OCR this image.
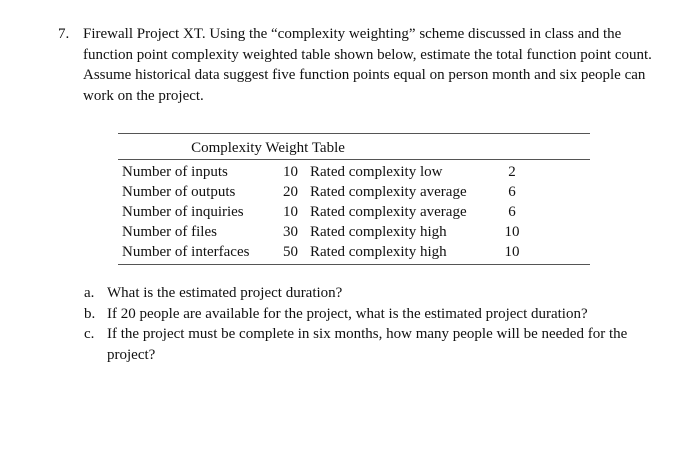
7. Firewall Project XT. Using the “complexity weighting” scheme discussed in class and the function point complexity weighted table shown below, estimate the total function point count. Assume historical data suggest five function points equal on person month and six people can work on the project.
Complexity Weight Table
Number of inputs	10	Rated complexity low	2
Number of outputs	20	Rated complexity average	6
Number of inquiries	10	Rated complexity average	6
Number of files	30	Rated complexity high	10
Number of interfaces	50	Rated complexity high	10
a. What is the estimated project duration?
b. If 20 people are available for the project, what is the estimated project duration?
c. If the project must be complete in six months, how many people will be needed for the project?
